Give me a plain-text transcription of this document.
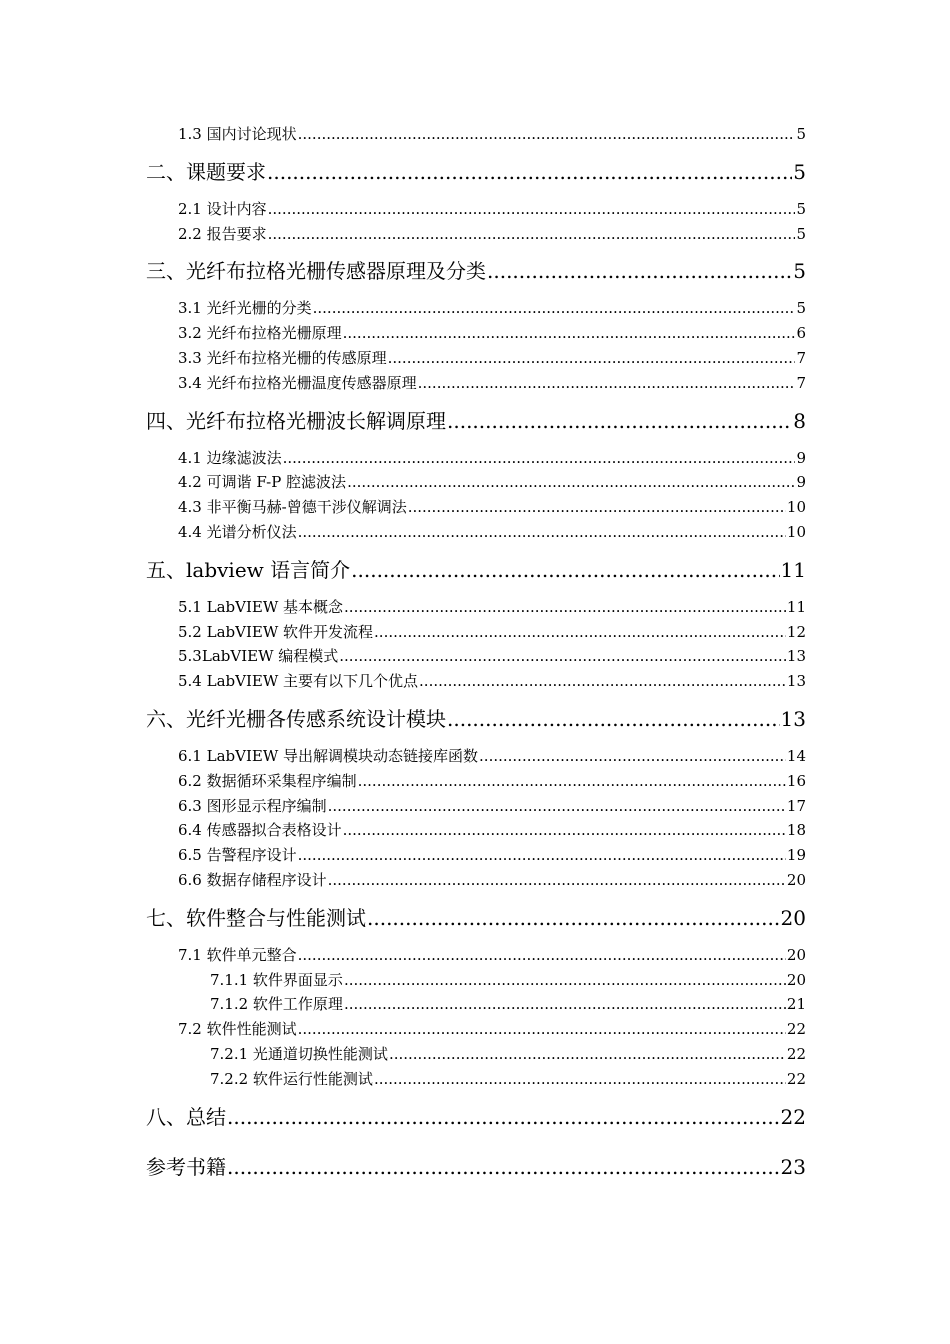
1.3 国内讨论现状 .....	5
二、课题要求 .....	5
2.1 设计内容 .....	5
2.2 报告要求 .....	5
三、光纤布拉格光栅传感器原理及分类 .....	5
3.1 光纤光栅的分类 .....	5
3.2 光纤布拉格光栅原理 .....	6
3.3 光纤布拉格光栅的传感原理 .....	7
3.4 光纤布拉格光栅温度传感器原理 .....	7
四、光纤布拉格光栅波长解调原理 .....	8
4.1 边缘滤波法 .....	9
4.2 可调谐 F-P 腔滤波法 .....	9
4.3 非平衡马赫-曾德干涉仪解调法 .....	10
4.4 光谱分析仪法 .....	10
五、labview 语言简介 .....	11
5.1 LabVIEW 基本概念 .....	11
5.2 LabVIEW 软件开发流程 .....	12
5.3LabVIEW 编程模式 .....	13
5.4 LabVIEW 主要有以下几个优点 .....	13
六、光纤光栅各传感系统设计模块 .....	13
6.1 LabVIEW 导出解调模块动态链接库函数 .....	14
6.2 数据循环采集程序编制 .....	16
6.3 图形显示程序编制 .....	17
6.4 传感器拟合表格设计 .....	18
6.5 告警程序设计 .....	19
6.6 数据存储程序设计 .....	20
七、软件整合与性能测试 .....	20
7.1 软件单元整合 .....	20
7.1.1 软件界面显示 .....	20
7.1.2 软件工作原理 .....	21
7.2 软件性能测试 .....	22
7.2.1 光通道切换性能测试 .....	22
7.2.2 软件运行性能测试 .....	22
八、总结 .....	22
参考书籍 .....	23
